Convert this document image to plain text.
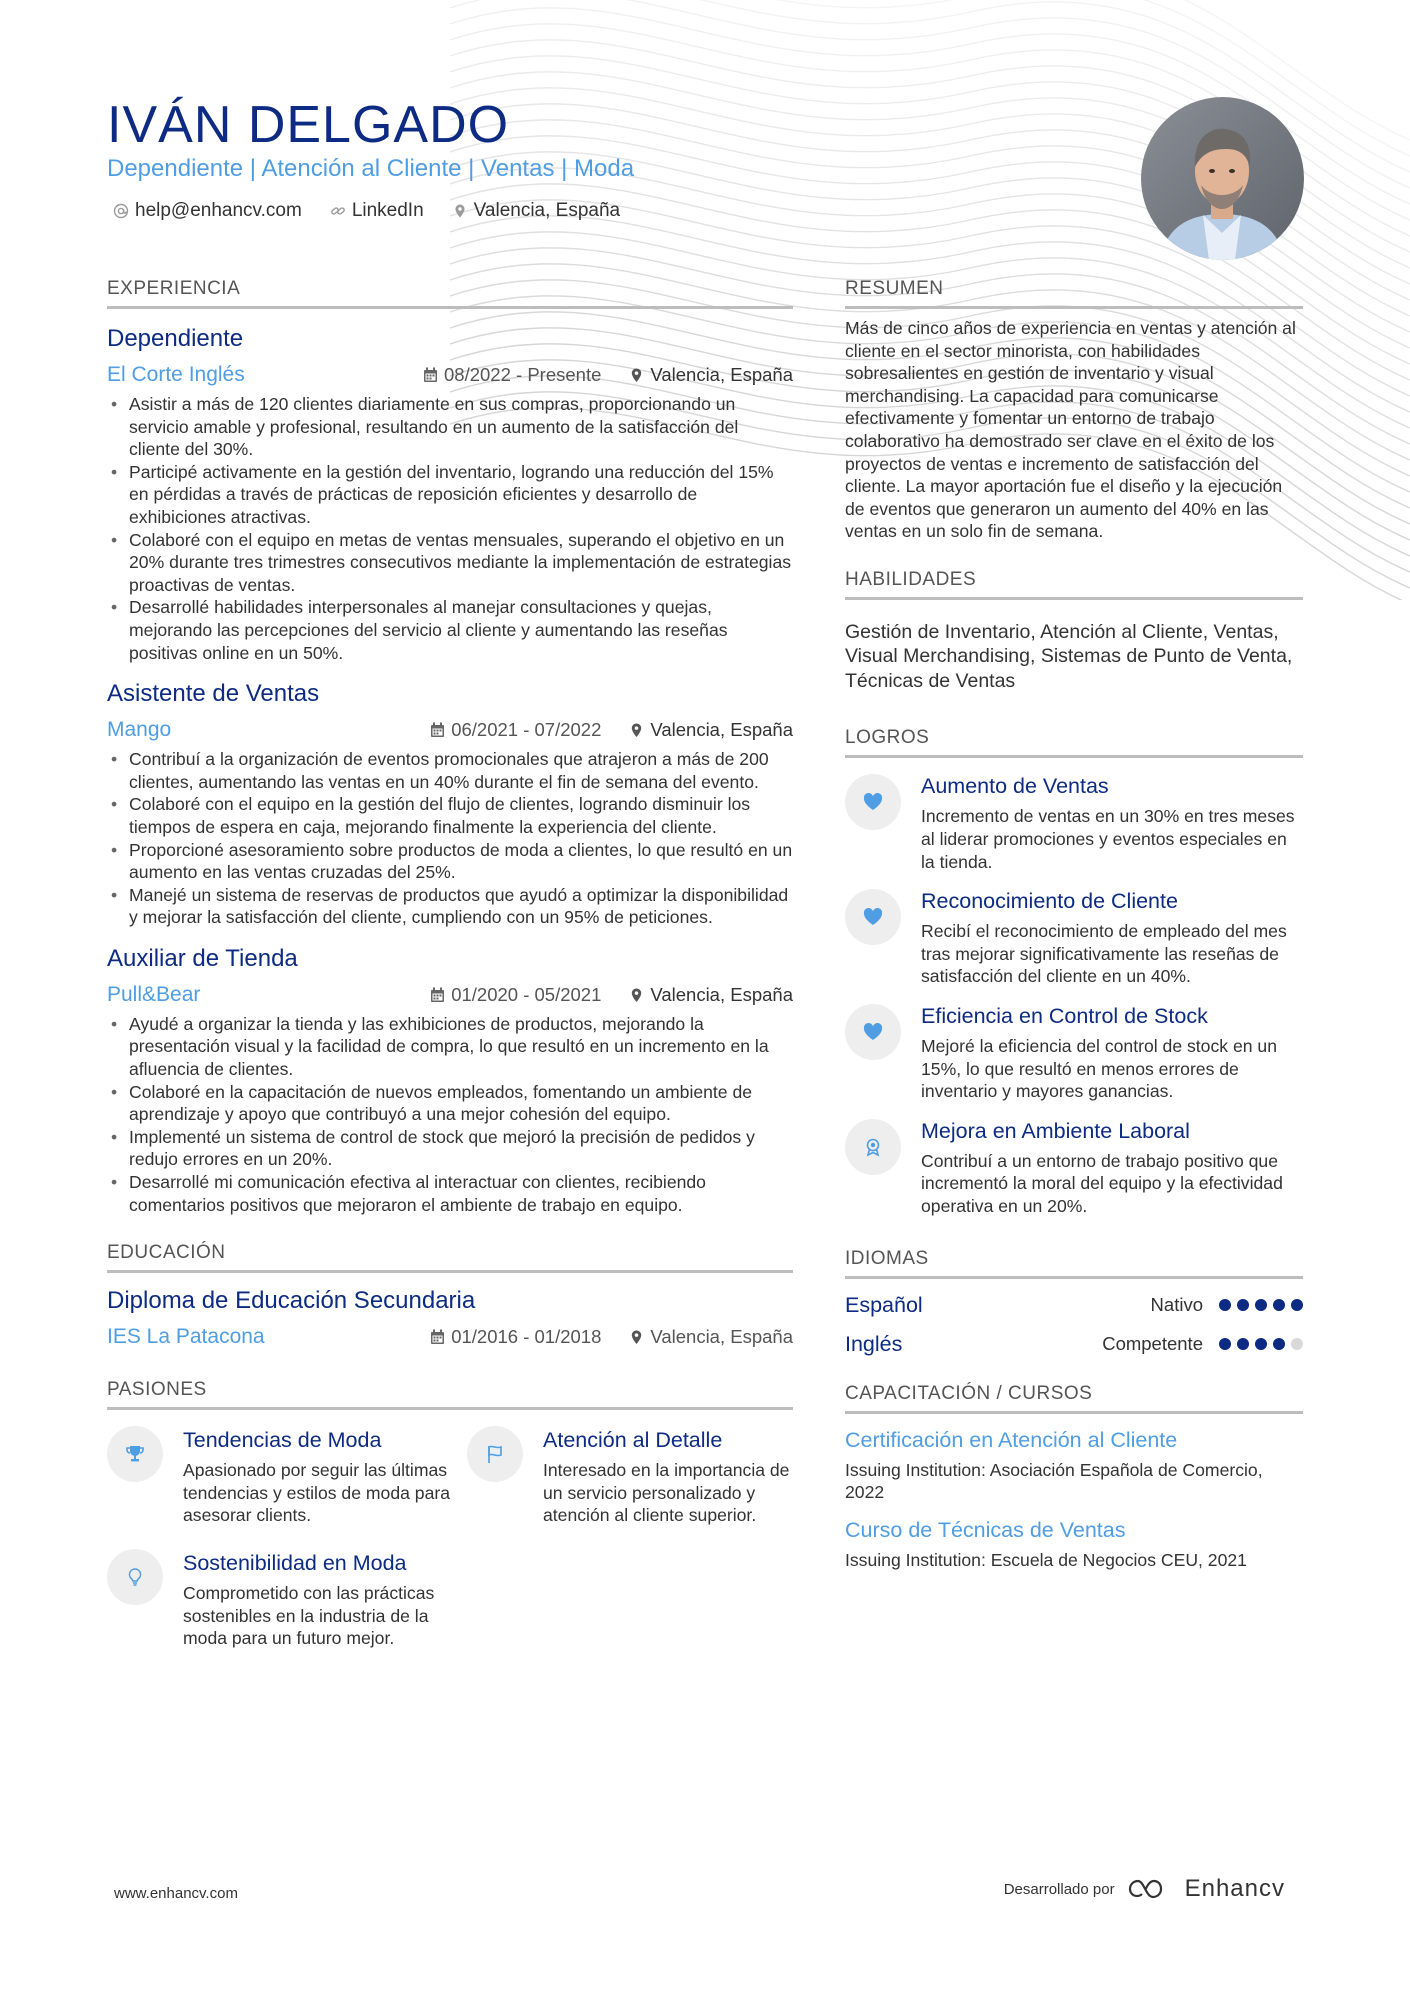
IVÁN DELGADO
Dependiente | Atención al Cliente | Ventas | Moda
help@enhancv.com	LinkedIn	Valencia, España
EXPERIENCIA
Dependiente
El Corte Inglés	08/2022 - Presente	Valencia, España
• Asistir a más de 120 clientes diariamente en sus compras, proporcionando un servicio amable y profesional, resultando en un aumento de la satisfacción del cliente del 30%.
• Participé activamente en la gestión del inventario, logrando una reducción del 15% en pérdidas a través de prácticas de reposición eficientes y desarrollo de exhibiciones atractivas.
• Colaboré con el equipo en metas de ventas mensuales, superando el objetivo en un 20% durante tres trimestres consecutivos mediante la implementación de estrategias proactivas de ventas.
• Desarrollé habilidades interpersonales al manejar consultaciones y quejas, mejorando las percepciones del servicio al cliente y aumentando las reseñas positivas online en un 50%.
Asistente de Ventas
Mango	06/2021 - 07/2022	Valencia, España
• Contribuí a la organización de eventos promocionales que atrajeron a más de 200 clientes, aumentando las ventas en un 40% durante el fin de semana del evento.
• Colaboré con el equipo en la gestión del flujo de clientes, logrando disminuir los tiempos de espera en caja, mejorando finalmente la experiencia del cliente.
• Proporcioné asesoramiento sobre productos de moda a clientes, lo que resultó en un aumento en las ventas cruzadas del 25%.
• Manejé un sistema de reservas de productos que ayudó a optimizar la disponibilidad y mejorar la satisfacción del cliente, cumpliendo con un 95% de peticiones.
Auxiliar de Tienda
Pull&Bear	01/2020 - 05/2021	Valencia, España
• Ayudé a organizar la tienda y las exhibiciones de productos, mejorando la presentación visual y la facilidad de compra, lo que resultó en un incremento en la afluencia de clientes.
• Colaboré en la capacitación de nuevos empleados, fomentando un ambiente de aprendizaje y apoyo que contribuyó a una mejor cohesión del equipo.
• Implementé un sistema de control de stock que mejoró la precisión de pedidos y redujo errores en un 20%.
• Desarrollé mi comunicación efectiva al interactuar con clientes, recibiendo comentarios positivos que mejoraron el ambiente de trabajo en equipo.
EDUCACIÓN
Diploma de Educación Secundaria
IES La Patacona	01/2016 - 01/2018	Valencia, España
PASIONES
Tendencias de Moda
Apasionado por seguir las últimas tendencias y estilos de moda para asesorar clients.
Atención al Detalle
Interesado en la importancia de un servicio personalizado y atención al cliente superior.
Sostenibilidad en Moda
Comprometido con las prácticas sostenibles en la industria de la moda para un futuro mejor.
RESUMEN
Más de cinco años de experiencia en ventas y atención al cliente en el sector minorista, con habilidades sobresalientes en gestión de inventario y visual merchandising. La capacidad para comunicarse efectivamente y fomentar un entorno de trabajo colaborativo ha demostrado ser clave en el éxito de los proyectos de ventas e incremento de satisfacción del cliente. La mayor aportación fue el diseño y la ejecución de eventos que generaron un aumento del 40% en las ventas en un solo fin de semana.
HABILIDADES
Gestión de Inventario, Atención al Cliente, Ventas, Visual Merchandising, Sistemas de Punto de Venta, Técnicas de Ventas
LOGROS
Aumento de Ventas
Incremento de ventas en un 30% en tres meses al liderar promociones y eventos especiales en la tienda.
Reconocimiento de Cliente
Recibí el reconocimiento de empleado del mes tras mejorar significativamente las reseñas de satisfacción del cliente en un 40%.
Eficiencia en Control de Stock
Mejoré la eficiencia del control de stock en un 15%, lo que resultó en menos errores de inventario y mayores ganancias.
Mejora en Ambiente Laboral
Contribuí a un entorno de trabajo positivo que incrementó la moral del equipo y la efectividad operativa en un 20%.
IDIOMAS
Español	Nativo
Inglés	Competente
CAPACITACIÓN / CURSOS
Certificación en Atención al Cliente
Issuing Institution: Asociación Española de Comercio, 2022
Curso de Técnicas de Ventas
Issuing Institution: Escuela de Negocios CEU, 2021
www.enhancv.com	Desarrollado por	Enhancv
